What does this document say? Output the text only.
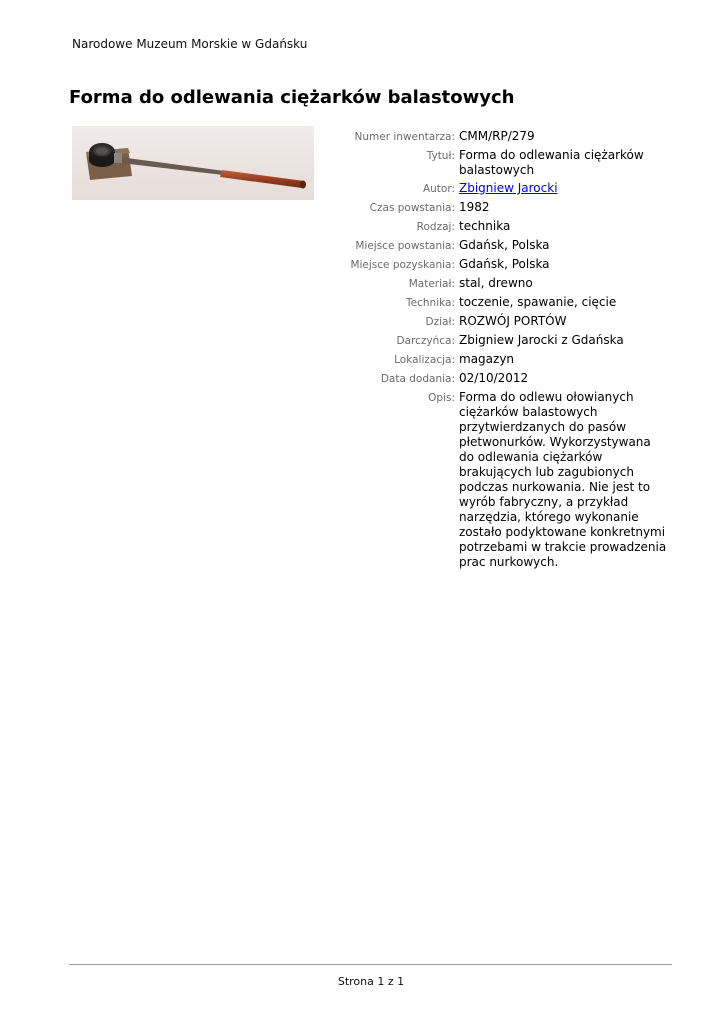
Narodowe Muzeum Morskie w Gdańsku
Forma do odlewania ciężarków balastowych
Numer inwentarza: CMM/RP/279
Tytuł: Forma do odlewania ciężarków balastowych
Autor: Zbigniew Jarocki
Czas powstania: 1982
Rodzaj: technika
Miejsce powstania: Gdańsk, Polska
Miejsce pozyskania: Gdańsk, Polska
Materiał: stal, drewno
Technika: toczenie, spawanie, cięcie
Dział: ROZWÓJ PORTÓW
Darczyńca: Zbigniew Jarocki z Gdańska
Lokalizacja: magazyn
Data dodania: 02/10/2012
Opis: Forma do odlewu ołowianych ciężarków balastowych przytwierdzanych do pasów płetwonurków. Wykorzystywana do odlewania ciężarków brakujących lub zagubionych podczas nurkowania. Nie jest to wyrób fabryczny, a przykład narzędzia, którego wykonanie zostało podyktowane konkretnymi potrzebami w trakcie prowadzenia prac nurkowych.
Strona 1 z 1
